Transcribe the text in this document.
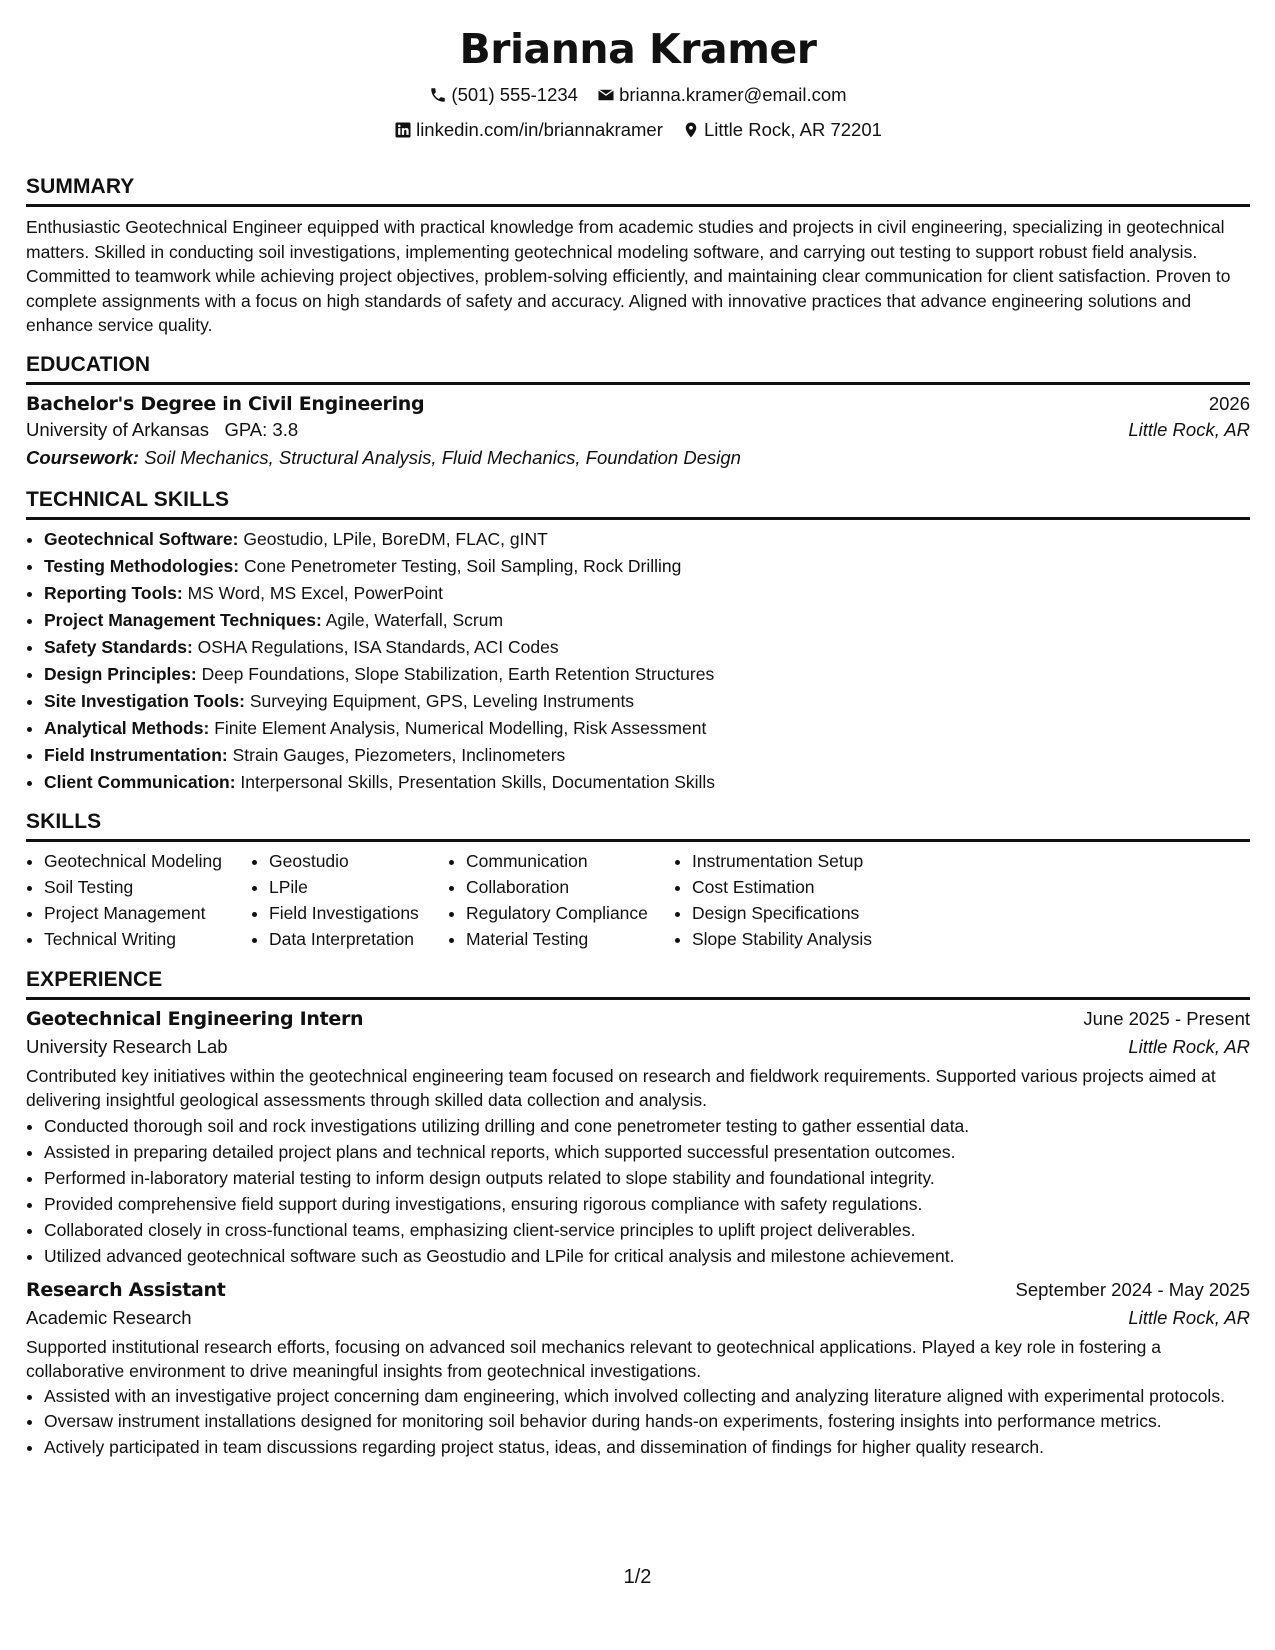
Brianna Kramer
(501) 555-1234
brianna.kramer@email.com
linkedin.com/in/briannakramer
Little Rock, AR 72201
SUMMARY

Enthusiastic Geotechnical Engineer equipped with practical knowledge from academic studies and projects in civil engineering, specializing in geotechnical matters. Skilled in conducting soil investigations, implementing geotechnical modeling software, and carrying out testing to support robust field analysis. Committed to teamwork while achieving project objectives, problem-solving efficiently, and maintaining clear communication for client satisfaction. Proven to complete assignments with a focus on high standards of safety and accuracy. Aligned with innovative practices that advance engineering solutions and enhance service quality.

EDUCATION
Bachelor's Degree in Civil Engineering	2026
University of Arkansas GPA: 3.8	Little Rock, AR
Coursework: Soil Mechanics, Structural Analysis, Fluid Mechanics, Foundation Design
TECHNICAL SKILLS
• Geotechnical Software: Geostudio, LPile, BoreDM, FLAC, gINT
• Testing Methodologies: Cone Penetrometer Testing, Soil Sampling, Rock Drilling
• Reporting Tools: MS Word, MS Excel, PowerPoint
• Project Management Techniques: Agile, Waterfall, Scrum
• Safety Standards: OSHA Regulations, ISA Standards, ACI Codes
• Design Principles: Deep Foundations, Slope Stabilization, Earth Retention Structures
• Site Investigation Tools: Surveying Equipment, GPS, Leveling Instruments
• Analytical Methods: Finite Element Analysis, Numerical Modelling, Risk Assessment
• Field Instrumentation: Strain Gauges, Piezometers, Inclinometers
• Client Communication: Interpersonal Skills, Presentation Skills, Documentation Skills
SKILLS
• Geotechnical Modeling
• Soil Testing
• Project Management
• Technical Writing
• Geostudio
• LPile
• Field Investigations
• Data Interpretation
• Communication
• Collaboration
• Regulatory Compliance
• Material Testing
• Instrumentation Setup
• Cost Estimation
• Design Specifications
• Slope Stability Analysis
EXPERIENCE
Geotechnical Engineering Intern	June 2025 - Present
University Research Lab	Little Rock, AR

Contributed key initiatives within the geotechnical engineering team focused on research and fieldwork requirements. Supported various projects aimed at delivering insightful geological assessments through skilled data collection and analysis.

• Conducted thorough soil and rock investigations utilizing drilling and cone penetrometer testing to gather essential data.
• Assisted in preparing detailed project plans and technical reports, which supported successful presentation outcomes.
• Performed in-laboratory material testing to inform design outputs related to slope stability and foundational integrity.
• Provided comprehensive field support during investigations, ensuring rigorous compliance with safety regulations.
• Collaborated closely in cross-functional teams, emphasizing client-service principles to uplift project deliverables.
• Utilized advanced geotechnical software such as Geostudio and LPile for critical analysis and milestone achievement.
Research Assistant	September 2024 - May 2025
Academic Research	Little Rock, AR

Supported institutional research efforts, focusing on advanced soil mechanics relevant to geotechnical applications. Played a key role in fostering a collaborative environment to drive meaningful insights from geotechnical investigations.

• Assisted with an investigative project concerning dam engineering, which involved collecting and analyzing literature aligned with experimental protocols.
• Oversaw instrument installations designed for monitoring soil behavior during hands-on experiments, fostering insights into performance metrics.
• Actively participated in team discussions regarding project status, ideas, and dissemination of findings for higher quality research.
1/2
